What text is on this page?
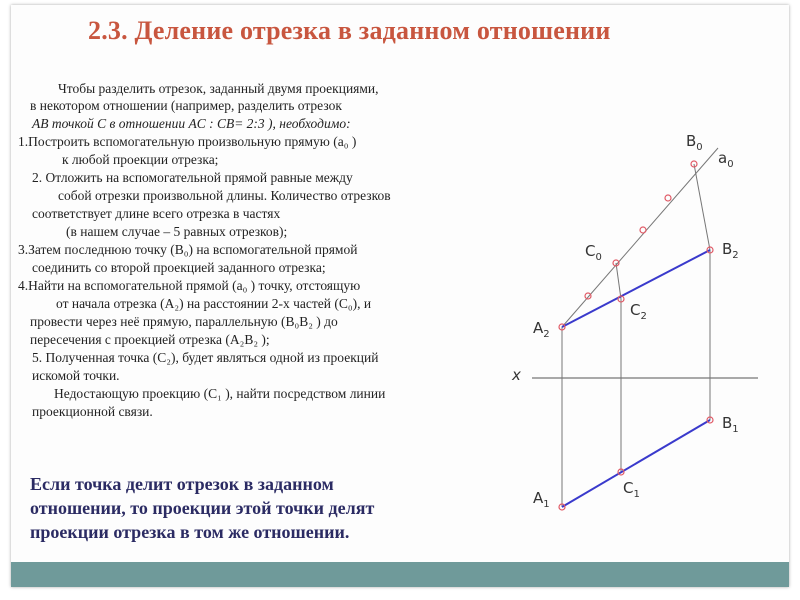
2.3. Деление отрезка в заданном отношении
Чтобы разделить отрезок, заданный двумя проекциями,
в некотором отношении (например, разделить отрезок
AB точкой C в отношении AC : CB= 2:3 ), необходимо:
1.Построить вспомогательную произвольную прямую (a₀ )
к любой проекции отрезка;
2. Отложить на вспомогательной прямой равные между
собой отрезки произвольной длины. Количество отрезков
соответствует длине всего отрезка в частях
(в нашем случае – 5 равных отрезков);
3.Затем последнюю точку (B₀) на вспомогательной прямой
соединить со второй проекцией заданного отрезка;
4.Найти на вспомогательной прямой (a₀ ) точку, отстоящую
от начала отрезка (A₂) на расстоянии 2-х частей (C₀), и
провести через неё прямую, параллельную (B₀B₂ ) до
пересечения с проекцией отрезка (A₂B₂ );
5. Полученная точка (C₂), будет являться одной из проекций
искомой точки.
Недостающую проекцию (C₁ ), найти посредством линии
проекционной связи.
Если точка делит отрезок в заданном
отношении, то проекции этой точки делят
проекции отрезка в том же отношении.
$B_0$
$a_0$
$C_0$	$B_2$
$C_2$
$A_2$
x
$B_1$
$C_1$
$A_1$
